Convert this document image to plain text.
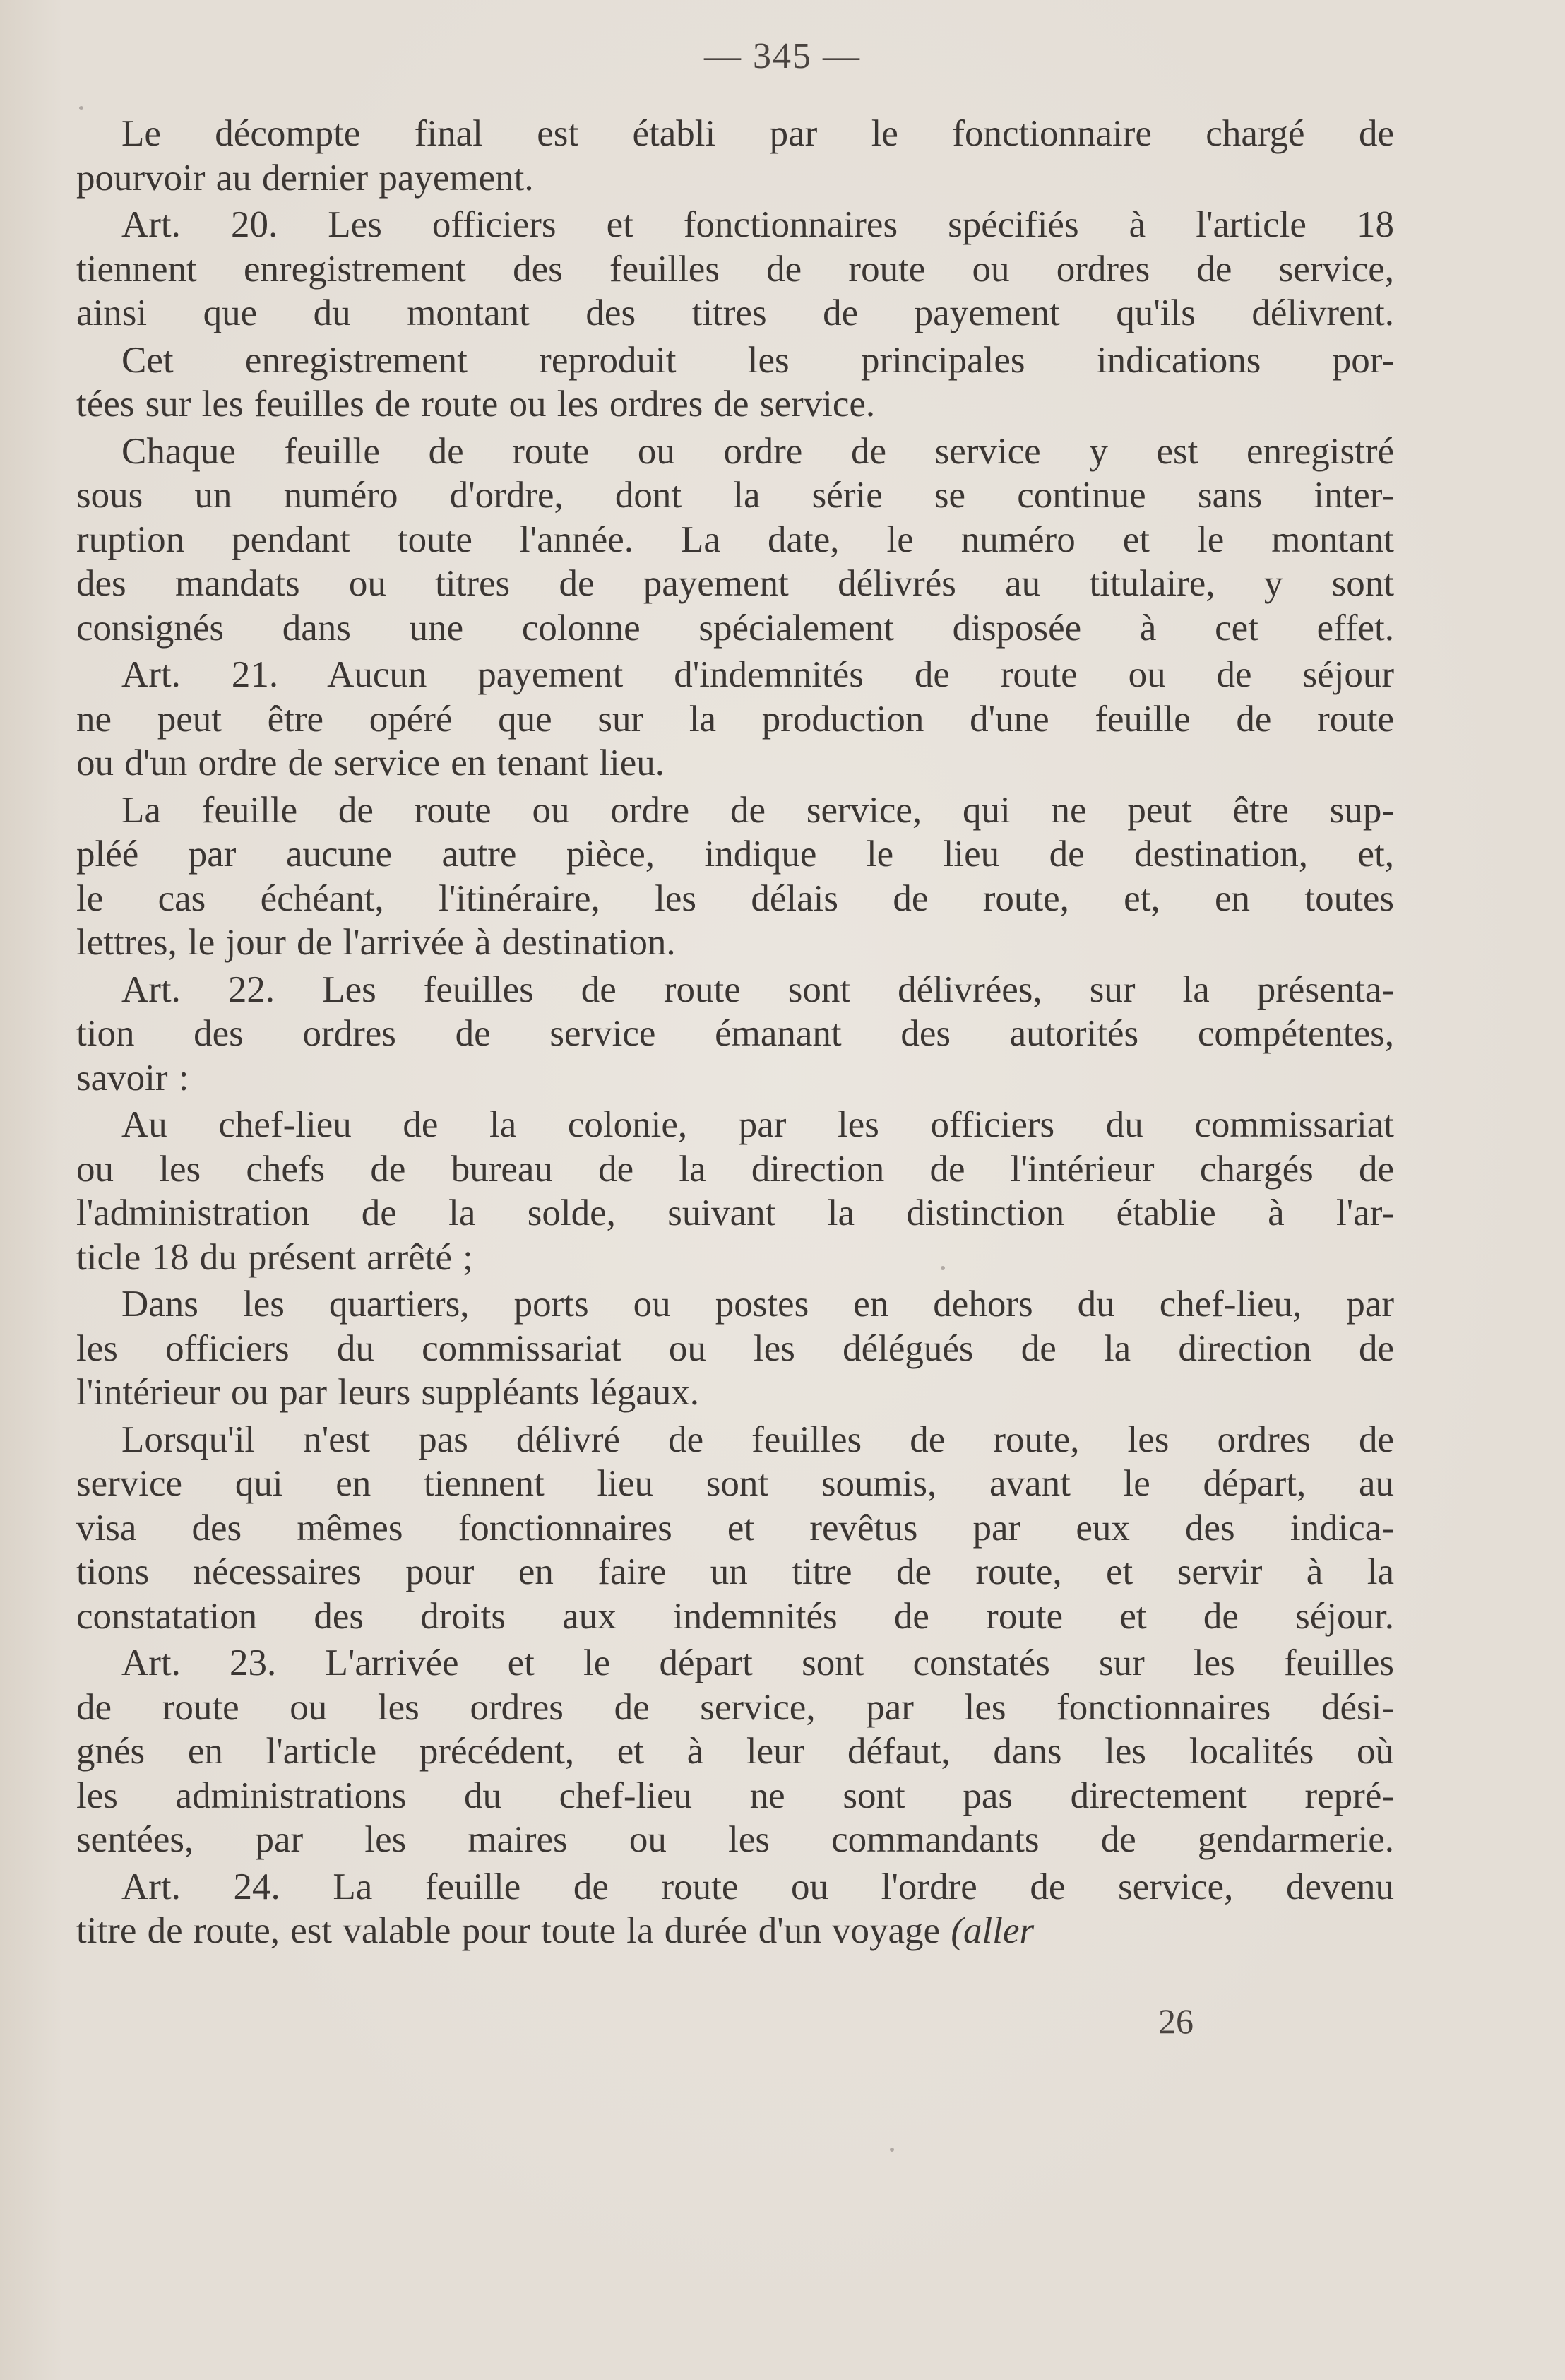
— 345 —
Le décompte final est établi par le fonctionnaire chargé de
pourvoir au dernier payement.
Art. 20. Les officiers et fonctionnaires spécifiés à l'article 18
tiennent enregistrement des feuilles de route ou ordres de service,
ainsi que du montant des titres de payement qu'ils délivrent.
Cet enregistrement reproduit les principales indications por-
tées sur les feuilles de route ou les ordres de service.
Chaque feuille de route ou ordre de service y est enregistré
sous un numéro d'ordre, dont la série se continue sans inter-
ruption pendant toute l'année. La date, le numéro et le montant
des mandats ou titres de payement délivrés au titulaire, y sont
consignés dans une colonne spécialement disposée à cet effet.
Art. 21. Aucun payement d'indemnités de route ou de séjour
ne peut être opéré que sur la production d'une feuille de route
ou d'un ordre de service en tenant lieu.
La feuille de route ou ordre de service, qui ne peut être sup-
pléé par aucune autre pièce, indique le lieu de destination, et,
le cas échéant, l'itinéraire, les délais de route, et, en toutes
lettres, le jour de l'arrivée à destination.
Art. 22. Les feuilles de route sont délivrées, sur la présenta-
tion des ordres de service émanant des autorités compétentes,
savoir :
Au chef-lieu de la colonie, par les officiers du commissariat
ou les chefs de bureau de la direction de l'intérieur chargés de
l'administration de la solde, suivant la distinction établie à l'ar-
ticle 18 du présent arrêté ;
Dans les quartiers, ports ou postes en dehors du chef-lieu, par
les officiers du commissariat ou les délégués de la direction de
l'intérieur ou par leurs suppléants légaux.
Lorsqu'il n'est pas délivré de feuilles de route, les ordres de
service qui en tiennent lieu sont soumis, avant le départ, au
visa des mêmes fonctionnaires et revêtus par eux des indica-
tions nécessaires pour en faire un titre de route, et servir à la
constatation des droits aux indemnités de route et de séjour.
Art. 23. L'arrivée et le départ sont constatés sur les feuilles
de route ou les ordres de service, par les fonctionnaires dési-
gnés en l'article précédent, et à leur défaut, dans les localités où
les administrations du chef-lieu ne sont pas directement repré-
sentées, par les maires ou les commandants de gendarmerie.
Art. 24. La feuille de route ou l'ordre de service, devenu
titre de route, est valable pour toute la durée d'un voyage (aller
26
